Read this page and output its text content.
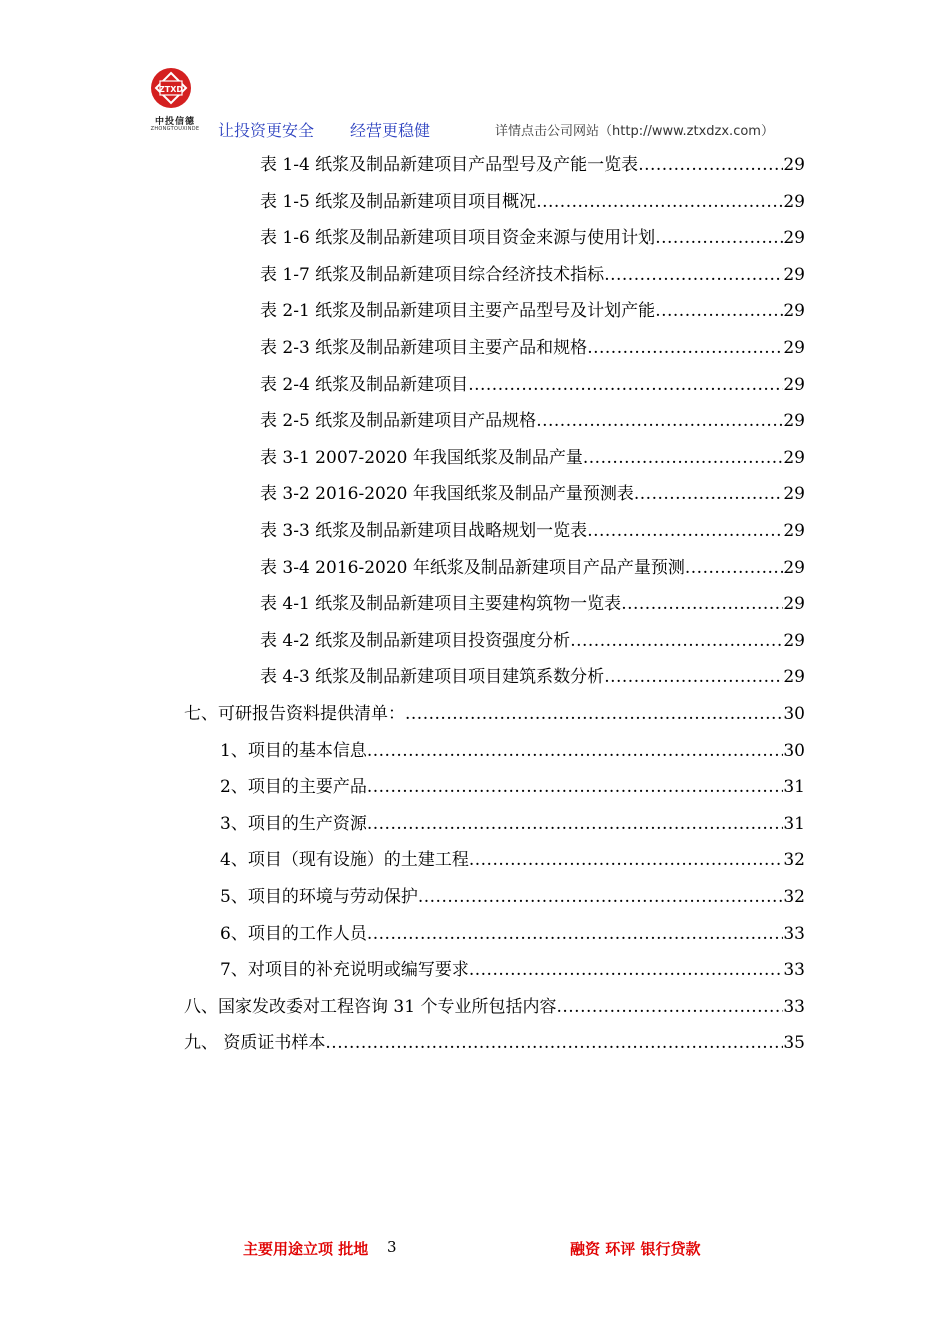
ZTXD
中投信德
ZHONGTOUXINDE	让投资更安全 经营更稳健	详情点击公司网站（http://www.ztxdzx.com）
表 1-4 纸浆及制品新建项目产品型号及产能一览表 .....	29
表 1-5 纸浆及制品新建项目项目概况 .....	29
表 1-6 纸浆及制品新建项目项目资金来源与使用计划 .....	29
表 1-7 纸浆及制品新建项目综合经济技术指标 .....	29
表 2-1 纸浆及制品新建项目主要产品型号及计划产能 .....	29
表 2-3 纸浆及制品新建项目主要产品和规格 .....	29
表 2-4 纸浆及制品新建项目 .....	29
表 2-5 纸浆及制品新建项目产品规格 .....	29
表 3-1 2007-2020 年我国纸浆及制品产量 .....	29
表 3-2 2016-2020 年我国纸浆及制品产量预测表 .....	29
表 3-3 纸浆及制品新建项目战略规划一览表 .....	29
表 3-4 2016-2020 年纸浆及制品新建项目产品产量预测 .....	29
表 4-1 纸浆及制品新建项目主要建构筑物一览表 .....	29
表 4-2 纸浆及制品新建项目投资强度分析 .....	29
表 4-3 纸浆及制品新建项目项目建筑系数分析 .....	29
七、可研报告资料提供清单： .....	30
1、项目的基本信息 .....	30
2、项目的主要产品 .....	31
3、项目的生产资源 .....	31
4、项目（现有设施）的土建工程 .....	32
5、项目的环境与劳动保护 .....	32
6、项目的工作人员 .....	33
7、对项目的补充说明或编写要求 .....	33
八、国家发改委对工程咨询 31 个专业所包括内容 .....	33
九、 资质证书样本 .....	35
主要用途立项 批地 3	融资 环评 银行贷款
